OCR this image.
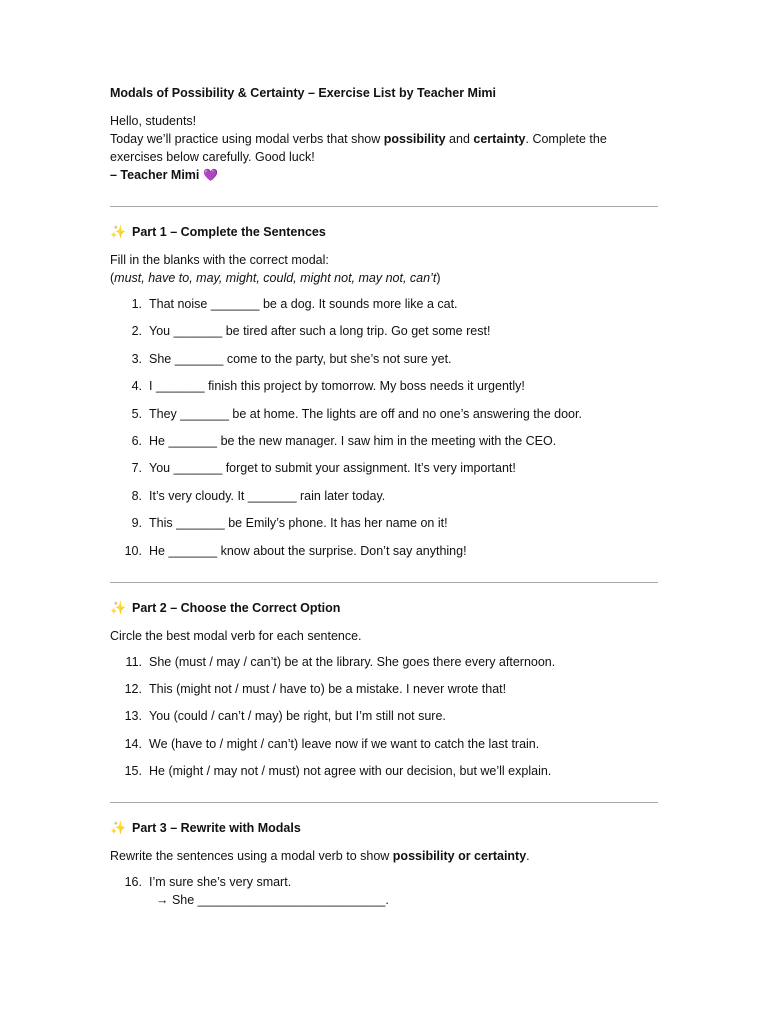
Modals of Possibility & Certainty – Exercise List by Teacher Mimi

Hello, students!

Today we’ll practice using modal verbs that show possibility and certainty. Complete the exercises below carefully. Good luck!

– Teacher Mimi 💜

✨ Part 1 – Complete the Sentences
Fill in the blanks with the correct modal:
(must, have to, may, might, could, might not, may not, can’t)
1. That noise _______ be a dog. It sounds more like a cat.
2. You _______ be tired after such a long trip. Go get some rest!
3. She _______ come to the party, but she’s not sure yet.
4. I _______ finish this project by tomorrow. My boss needs it urgently!
5. They _______ be at home. The lights are off and no one’s answering the door.
6. He _______ be the new manager. I saw him in the meeting with the CEO.
7. You _______ forget to submit your assignment. It’s very important!
8. It’s very cloudy. It _______ rain later today.
9. This _______ be Emily’s phone. It has her name on it!
10. He _______ know about the surprise. Don’t say anything!
✨ Part 2 – Choose the Correct Option
Circle the best modal verb for each sentence.
11. She (must / may / can’t) be at the library. She goes there every afternoon.
12. This (might not / must / have to) be a mistake. I never wrote that!
13. You (could / can’t / may) be right, but I’m still not sure.
14. We (have to / might / can’t) leave now if we want to catch the last train.
15. He (might / may not / must) not agree with our decision, but we’ll explain.
✨ Part 3 – Rewrite with Modals
Rewrite the sentences using a modal verb to show possibility or certainty.
16. I’m sure she’s very smart.
→ She ___________________________.
